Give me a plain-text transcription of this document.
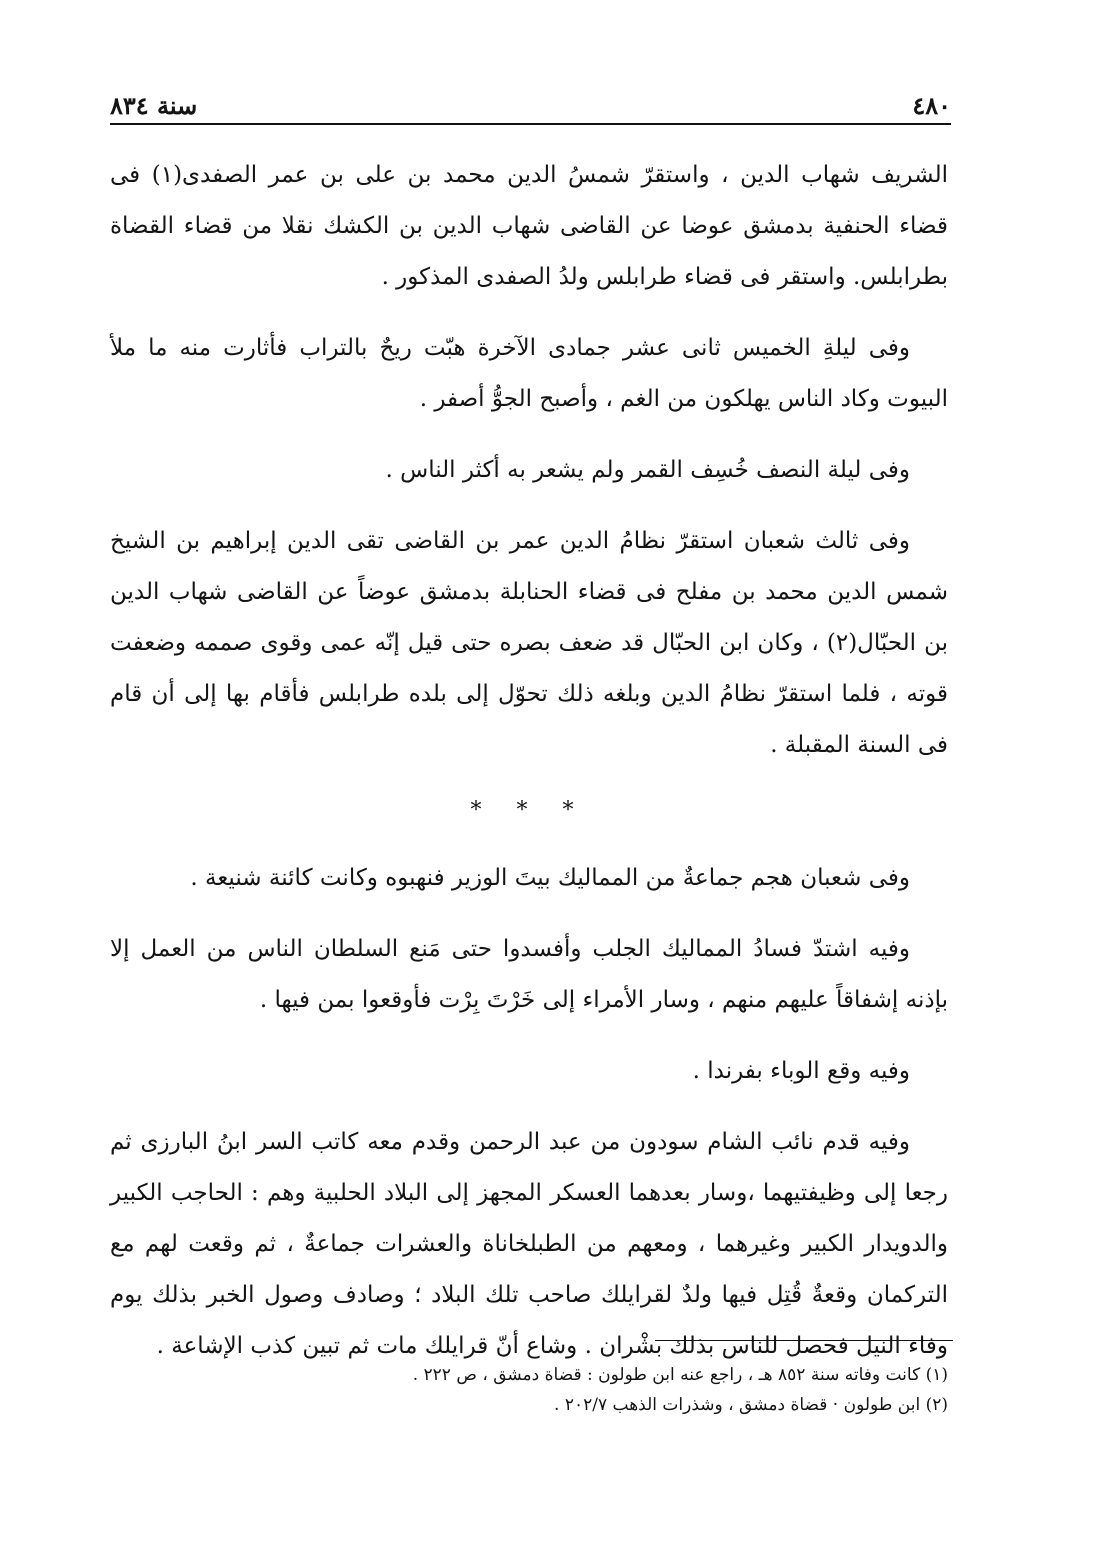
٤٨٠
سنة ٨٣٤

الشريف شهاب الدين ، واستقرّ شمسُ الدين محمد بن على بن عمر الصفدى(١) فى قضاء الحنفية بدمشق عوضا عن القاضى شهاب الدين بن الكشك نقلا من قضاء القضاة بطرابلس. واستقر فى قضاء طرابلس ولدُ الصفدى المذكور .

وفى ليلةِ الخميس ثانى عشر جمادى الآخرة هبّت ريحٌ بالتراب فأثارت منه ما ملأ البيوت وكاد الناس يهلكون من الغم ، وأصبح الجوُّ أصفر .

وفى ليلة النصف خُسِف القمر ولم يشعر به أكثر الناس .

وفى ثالث شعبان استقرّ نظامُ الدين عمر بن القاضى تقى الدين إبراهيم بن الشيخ شمس الدين محمد بن مفلح فى قضاء الحنابلة بدمشق عوضاً عن القاضى شهاب الدين بن الحبّال(٢) ، وكان ابن الحبّال قد ضعف بصره حتى قيل إنّه عمى وقوى صممه وضعفت قوته ، فلما استقرّ نظامُ الدين وبلغه ذلك تحوّل إلى بلده طرابلس فأقام بها إلى أن قام فى السنة المقبلة .

* * *

وفى شعبان هجم جماعةٌ من المماليك بيتَ الوزير فنهبوه وكانت كائنة شنيعة .

وفيه اشتدّ فسادُ المماليك الجلب وأفسدوا حتى مَنع السلطان الناس من العمل إلا بإذنه إشفاقاً عليهم منهم ، وسار الأمراء إلى خَرْتَ بِرْت فأوقعوا بمن فيها .

وفيه وقع الوباء بفرندا .

وفيه قدم نائب الشام سودون من عبد الرحمن وقدم معه كاتب السر ابنُ البارزى ثم رجعا إلى وظيفتيهما ،وسار بعدهما العسكر المجهز إلى البلاد الحلبية وهم : الحاجب الكبير والدويدار الكبير وغيرهما ، ومعهم من الطبلخاناة والعشرات جماعةٌ ، ثم وقعت لهم مع التركمان وقعةٌ قُتِل فيها ولدٌ لقرايلك صاحب تلك البلاد ؛ وصادف وصول الخبر بذلك يوم وفاء النيل فحصل للناس بذلك بشْران . وشاع أنّ قرايلك مات ثم تبين كذب الإشاعة .

(١) كانت وفاته سنة ٨٥٢ هـ ، راجع عنه ابن طولون : قضاة دمشق ، ص ٢٢٢ .

(٢) ابن طولون · قضاة دمشق ، وشذرات الذهب ٢٠٢/٧ .
